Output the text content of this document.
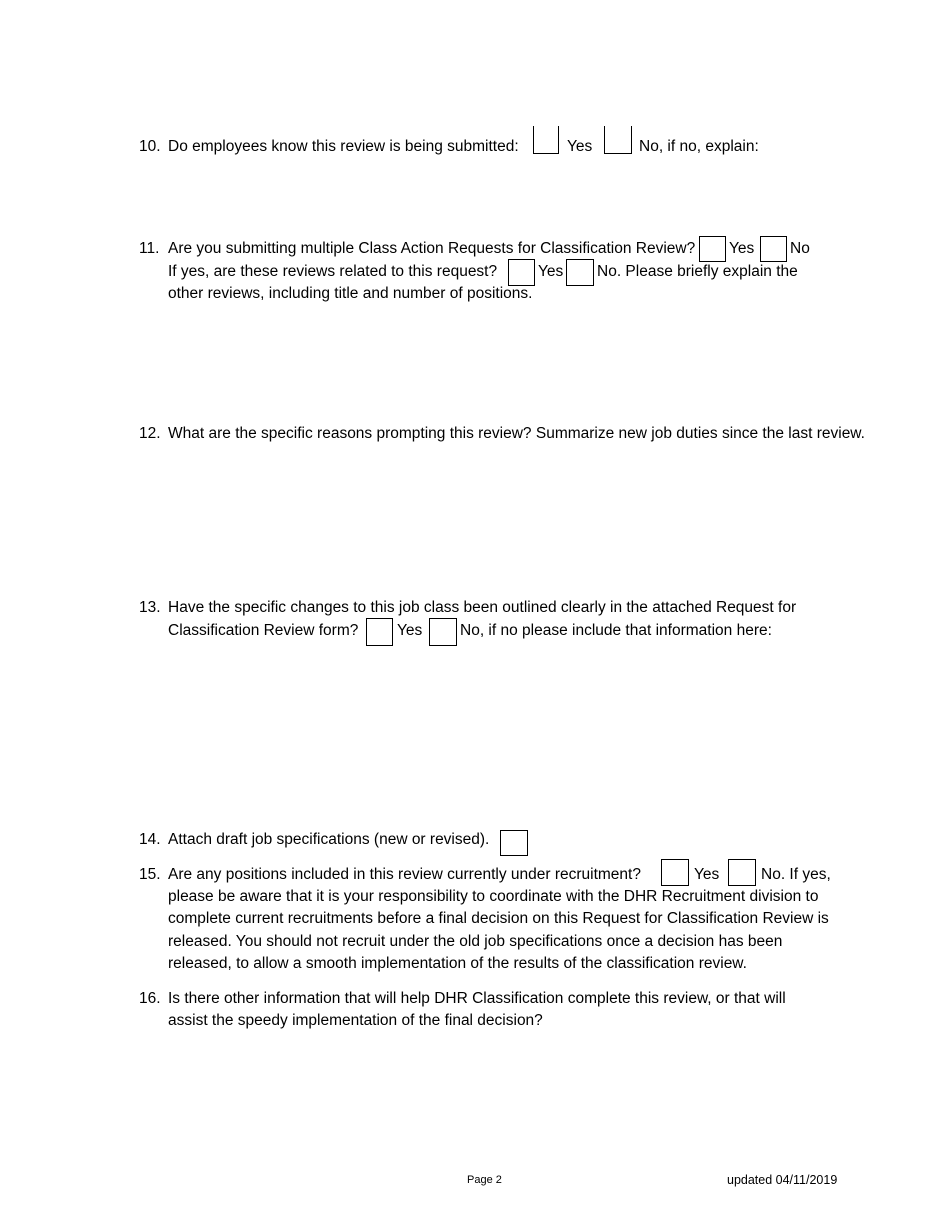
10. Do employees know this review is being submitted:	Yes	No, if no, explain:
11. Are you submitting multiple Class Action Requests for Classification Review? Yes No
If yes, are these reviews related to this request?	Yes No. Please briefly explain the
other reviews, including title and number of positions.
12. What are the specific reasons prompting this review? Summarize new job duties since the last review.
13. Have the specific changes to this job class been outlined clearly in the attached Request for
Classification Review form? Yes No, if no please include that information here:
14. Attach draft job specifications (new or revised).
15. Are any positions included in this review currently under recruitment?	Yes	No. If yes,
please be aware that it is your responsibility to coordinate with the DHR Recruitment division to
complete current recruitments before a final decision on this Request for Classification Review is
released. You should not recruit under the old job specifications once a decision has been
released, to allow a smooth implementation of the results of the classification review.
16. Is there other information that will help DHR Classification complete this review, or that will
assist the speedy implementation of the final decision?
Page 2	updated 04/11/2019
